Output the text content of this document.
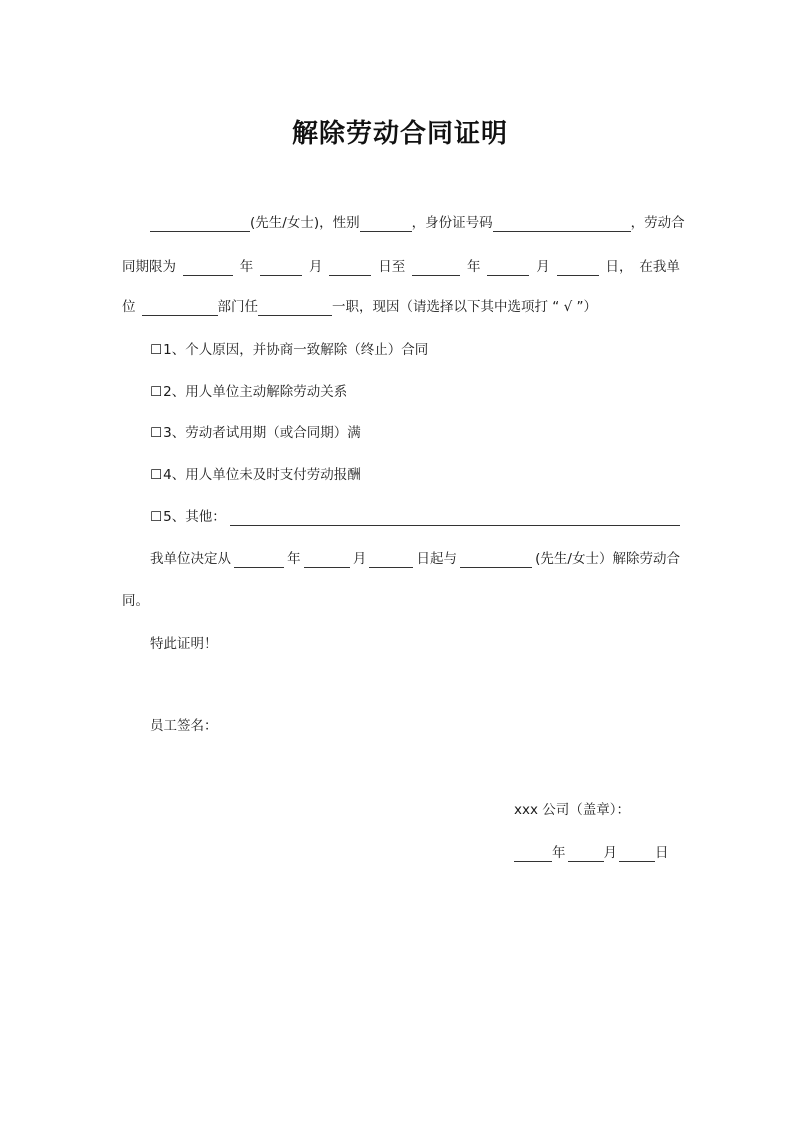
解除劳动合同证明
(先生/女士)，性别	，身份证号码	，劳动合
同期限为	年	月	日至	年	月	日， 在我单
位	部门任	一职，现因（请选择以下其中选项打 “ √ ”）
☐1、个人原因，并协商一致解除（终止）合同
☐2、用人单位主动解除劳动关系
☐3、劳动者试用期（或合同期）满
☐4、用人单位未及时支付劳动报酬
☐ 5、其他：
我单位决定从	年	月	日起与	(先生/女士）解除劳动合
同。
特此证明！
员工签名：
xxx 公司（盖章）：
年	月	日
